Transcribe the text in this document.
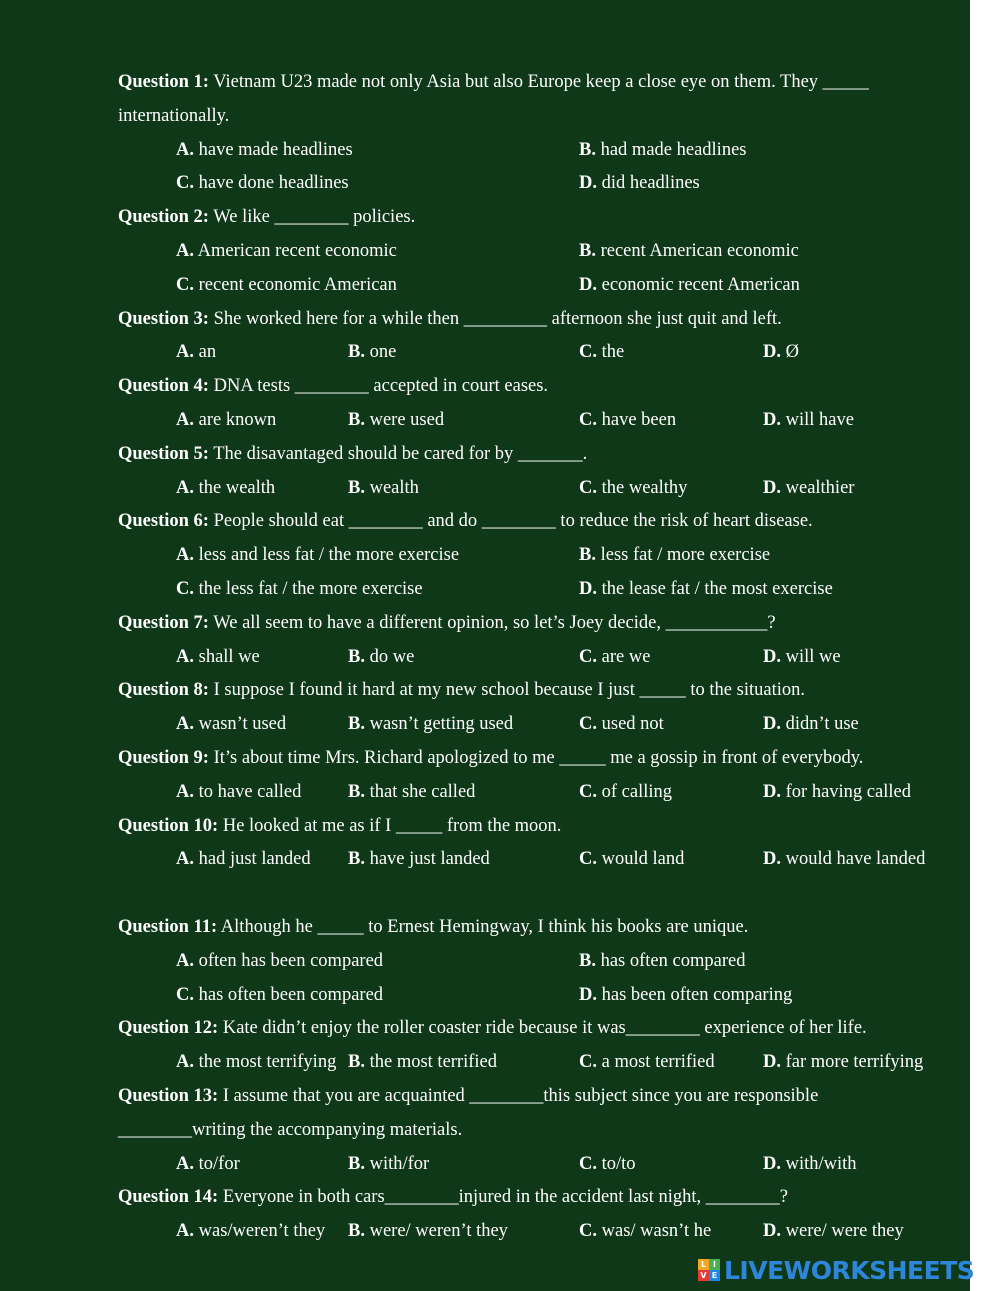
Question 1: Vietnam U23 made not only Asia but also Europe keep a close eye on them. They _____ internationally.
A. have made headlines	B. had made headlines
C. have done headlines	D. did headlines
Question 2: We like ________ policies.
A. American recent economic	B. recent American economic
C. recent economic American	D. economic recent American
Question 3: She worked here for a while then _________ afternoon she just quit and left.
A. an	B. one	C. the	D. Ø
Question 4: DNA tests ________ accepted in court eases.
A. are known	B. were used	C. have been	D. will have
Question 5: The disavantaged should be cared for by _______.
A. the wealth	B. wealth	C. the wealthy	D. wealthier
Question 6: People should eat ________ and do ________ to reduce the risk of heart disease.
A. less and less fat / the more exercise	B. less fat / more exercise
C. the less fat / the more exercise	D. the lease fat / the most exercise
Question 7: We all seem to have a different opinion, so let’s Joey decide, ___________?
A. shall we	B. do we	C. are we	D. will we
Question 8: I suppose I found it hard at my new school because I just _____ to the situation.
A. wasn’t used	B. wasn’t getting used	C. used not	D. didn’t use
Question 9: It’s about time Mrs. Richard apologized to me _____ me a gossip in front of everybody.
A. to have called	B. that she called	C. of calling	D. for having called
Question 10: He looked at me as if I _____ from the moon.
A. had just landed B. have just landed	C. would land	D. would have landed
Question 11: Although he _____ to Ernest Hemingway, I think his books are unique.
A. often has been compared	B. has often compared
C. has often been compared	D. has been often comparing
Question 12: Kate didn’t enjoy the roller coaster ride because it was________ experience of her life.
A. the most terrifying B. the most terrified	C. a most terrified	D. far more terrifying
Question 13: I assume that you are acquainted ________this subject since you are responsible ________writing the accompanying materials.
A. to/for	B. with/for	C. to/to	D. with/with
Question 14: Everyone in both cars________injured in the accident last night, ________?
A. was/weren’t they B. were/ weren’t they	C. was/ wasn’t he	D. were/ were they
L I
V E LIVEWORKSHEETS
